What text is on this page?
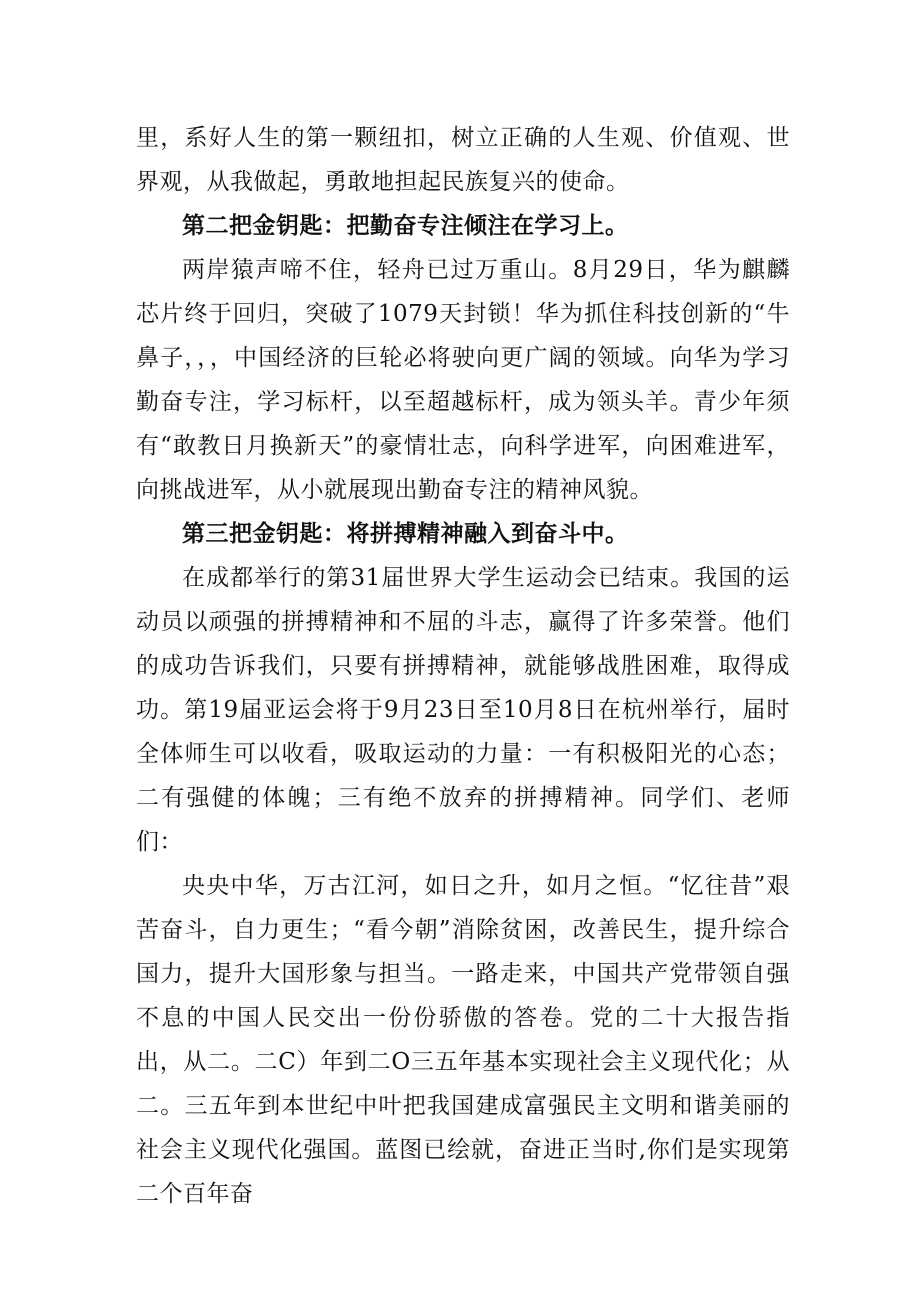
里，系好人生的第一颗纽扣，树立正确的人生观、价值观、世界观，从我做起，勇敢地担起民族复兴的使命。

第二把金钥匙：把勤奋专注倾注在学习上。

两岸猿声啼不住，轻舟已过万重山。8月29日，华为麒麟芯片终于回归，突破了1079天封锁！华为抓住科技创新的“牛鼻子，，，中国经济的巨轮必将驶向更广阔的领域。向华为学习勤奋专注，学习标杆，以至超越标杆，成为领头羊。青少年须有“敢教日月换新天”的豪情壮志，向科学进军，向困难进军，向挑战进军，从小就展现出勤奋专注的精神风貌。

第三把金钥匙：将拼搏精神融入到奋斗中。

在成都举行的第31届世界大学生运动会已结束。我国的运动员以顽强的拼搏精神和不屈的斗志，赢得了许多荣誉。他们的成功告诉我们，只要有拼搏精神，就能够战胜困难，取得成功。第19届亚运会将于9月23日至10月8日在杭州举行，届时全体师生可以收看，吸取运动的力量：一有积极阳光的心态；二有强健的体魄；三有绝不放弃的拼搏精神。同学们、老师们：

央央中华，万古江河，如日之升，如月之恒。“忆往昔”艰苦奋斗，自力更生；“看今朝”消除贫困，改善民生，提升综合国力，提升大国形象与担当。一路走来，中国共产党带领自强不息的中国人民交出一份份骄傲的答卷。党的二十大报告指出，从二。二C）年到二O三五年基本实现社会主义现代化；从二。三五年到本世纪中叶把我国建成富强民主文明和谐美丽的社会主义现代化强国。蓝图已绘就，奋进正当时,你们是实现第二个百年奋
